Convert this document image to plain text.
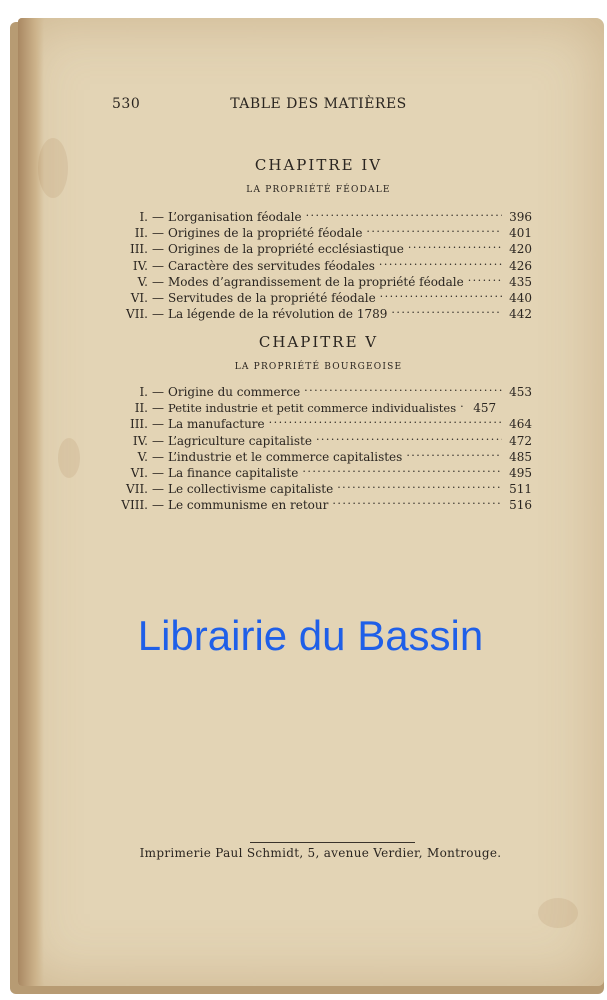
530	TABLE DES MATIÈRES
CHAPITRE IV
LA PROPRIÉTÉ FÉODALE
I. — L’organisation féodale . . .	396
II. — Origines de la propriété féodale . . .	401
III. — Origines de la propriété ecclésiastique . . .	420
IV. — Caractère des servitudes féodales . . .	426
V. — Modes d’agrandissement de la propriété féodale . . .	435
VI. — Servitudes de la propriété féodale . . .	440
VII. — La légende de la révolution de 1789 . . .	442
CHAPITRE V
LA PROPRIÉTÉ BOURGEOISE
I. — Origine du commerce . . .	453
II. — Petite industrie et petit commerce individualistes . . . 457
III. — La manufacture . . .	464
IV. — L’agriculture capitaliste . . .	472
V. — L’industrie et le commerce capitalistes . . .	485
VI. — La finance capitaliste . . .	495
VII. — Le collectivisme capitaliste . . .	511
VIII. — Le communisme en retour . . .	516
Librairie du Bassin
Imprimerie Paul Schmidt, 5, avenue Verdier, Montrouge.
